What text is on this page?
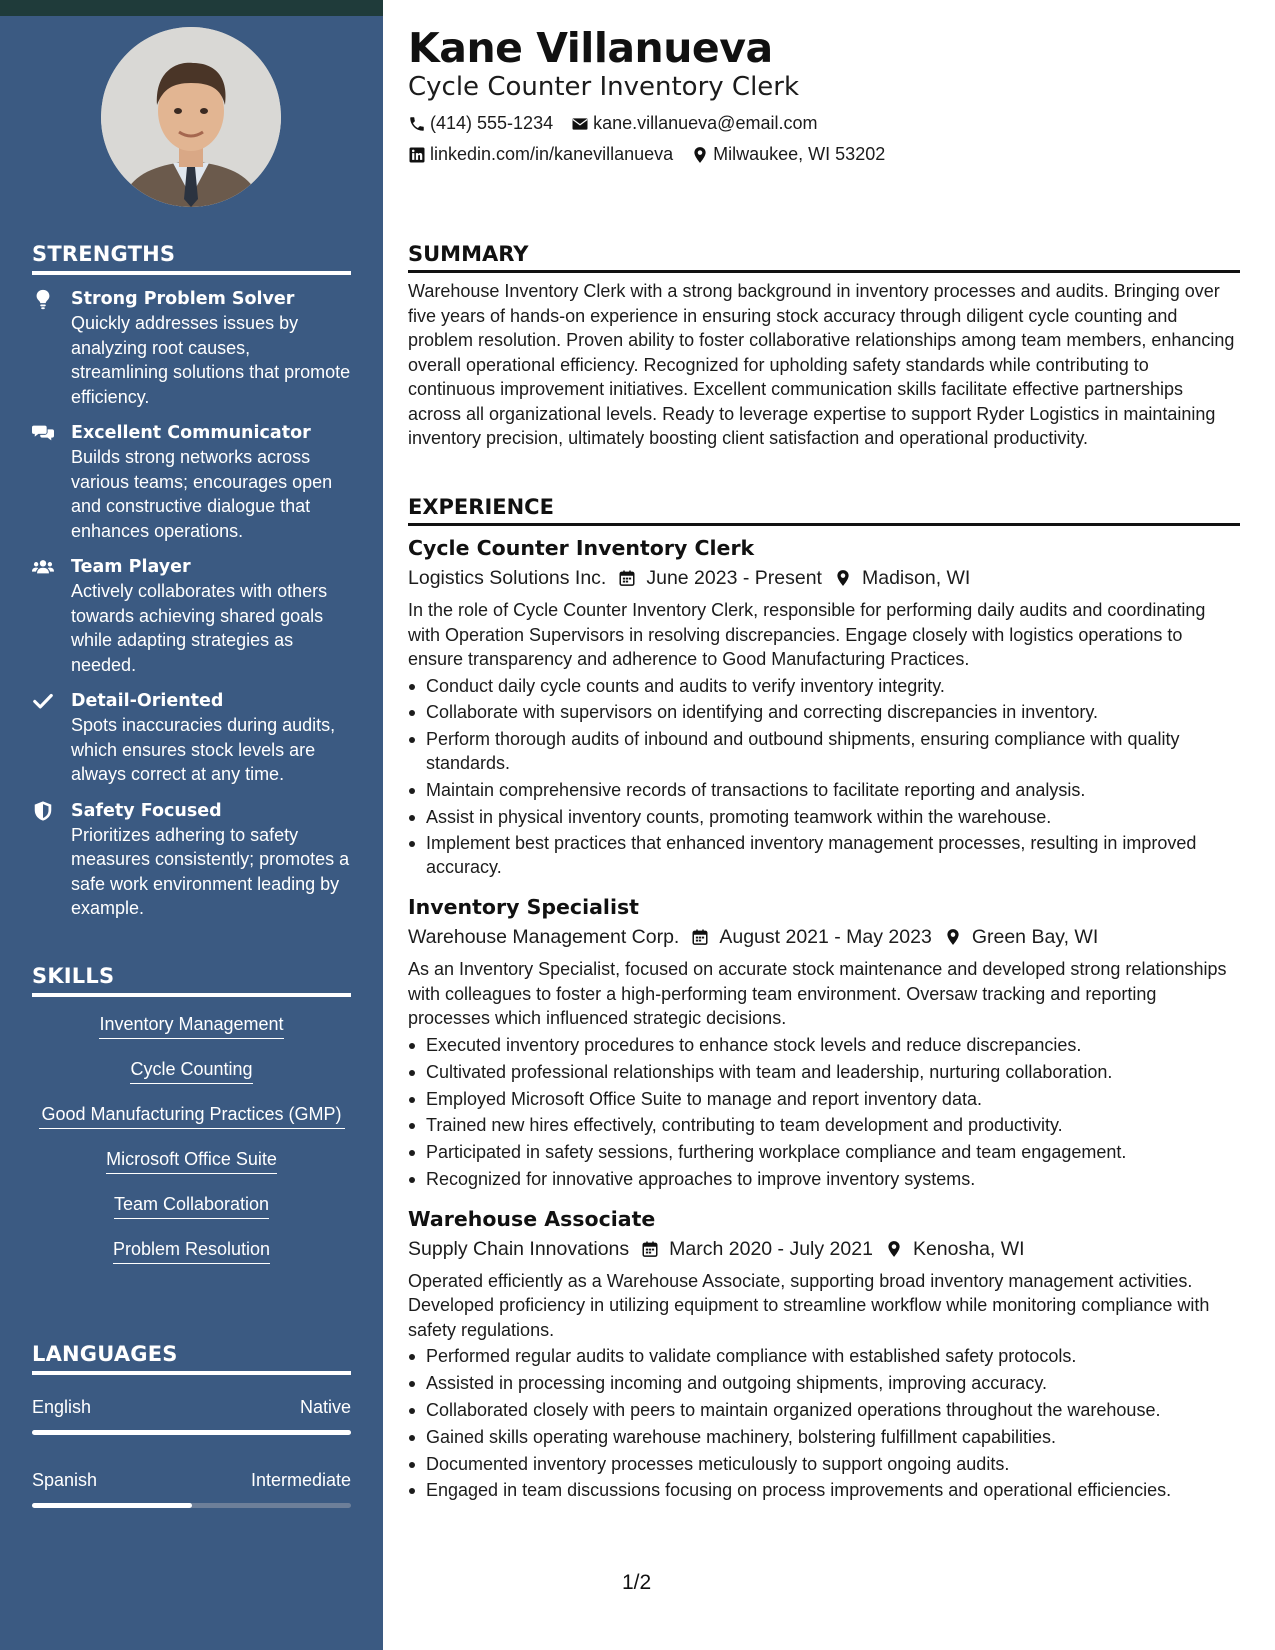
STRENGTHS
Strong Problem Solver
Quickly addresses issues by analyzing root causes, streamlining solutions that promote efficiency.
Excellent Communicator
Builds strong networks across various teams; encourages open and constructive dialogue that enhances operations.
Team Player
Actively collaborates with others towards achieving shared goals while adapting strategies as needed.
Detail-Oriented
Spots inaccuracies during audits, which ensures stock levels are always correct at any time.
Safety Focused
Prioritizes adhering to safety measures consistently; promotes a safe work environment leading by example.
SKILLS
Inventory Management
Cycle Counting
Good Manufacturing Practices (GMP)
Microsoft Office Suite
Team Collaboration
Problem Resolution
LANGUAGES
English	Native
Spanish	Intermediate
Kane Villanueva
Cycle Counter Inventory Clerk
(414) 555-1234 kane.villanueva@email.com
linkedin.com/in/kanevillanueva Milwaukee, WI 53202
SUMMARY
Warehouse Inventory Clerk with a strong background in inventory processes and audits. Bringing over five years of hands-on experience in ensuring stock accuracy through diligent cycle counting and problem resolution. Proven ability to foster collaborative relationships among team members, enhancing overall operational efficiency. Recognized for upholding safety standards while contributing to continuous improvement initiatives. Excellent communication skills facilitate effective partnerships across all organizational levels. Ready to leverage expertise to support Ryder Logistics in maintaining inventory precision, ultimately boosting client satisfaction and operational productivity.
EXPERIENCE
Cycle Counter Inventory Clerk
Logistics Solutions Inc. June 2023 - Present Madison, WI
In the role of Cycle Counter Inventory Clerk, responsible for performing daily audits and coordinating with Operation Supervisors in resolving discrepancies. Engage closely with logistics operations to ensure transparency and adherence to Good Manufacturing Practices.
Conduct daily cycle counts and audits to verify inventory integrity.
Collaborate with supervisors on identifying and correcting discrepancies in inventory.
Perform thorough audits of inbound and outbound shipments, ensuring compliance with quality standards.
Maintain comprehensive records of transactions to facilitate reporting and analysis.
Assist in physical inventory counts, promoting teamwork within the warehouse.
Implement best practices that enhanced inventory management processes, resulting in improved accuracy.
Inventory Specialist
Warehouse Management Corp. August 2021 - May 2023 Green Bay, WI
As an Inventory Specialist, focused on accurate stock maintenance and developed strong relationships with colleagues to foster a high-performing team environment. Oversaw tracking and reporting processes which influenced strategic decisions.
Executed inventory procedures to enhance stock levels and reduce discrepancies.
Cultivated professional relationships with team and leadership, nurturing collaboration.
Employed Microsoft Office Suite to manage and report inventory data.
Trained new hires effectively, contributing to team development and productivity.
Participated in safety sessions, furthering workplace compliance and team engagement.
Recognized for innovative approaches to improve inventory systems.
Warehouse Associate
Supply Chain Innovations March 2020 - July 2021 Kenosha, WI
Operated efficiently as a Warehouse Associate, supporting broad inventory management activities. Developed proficiency in utilizing equipment to streamline workflow while monitoring compliance with safety regulations.
Performed regular audits to validate compliance with established safety protocols.
Assisted in processing incoming and outgoing shipments, improving accuracy.
Collaborated closely with peers to maintain organized operations throughout the warehouse.
Gained skills operating warehouse machinery, bolstering fulfillment capabilities.
Documented inventory processes meticulously to support ongoing audits.
Engaged in team discussions focusing on process improvements and operational efficiencies.
1/2
